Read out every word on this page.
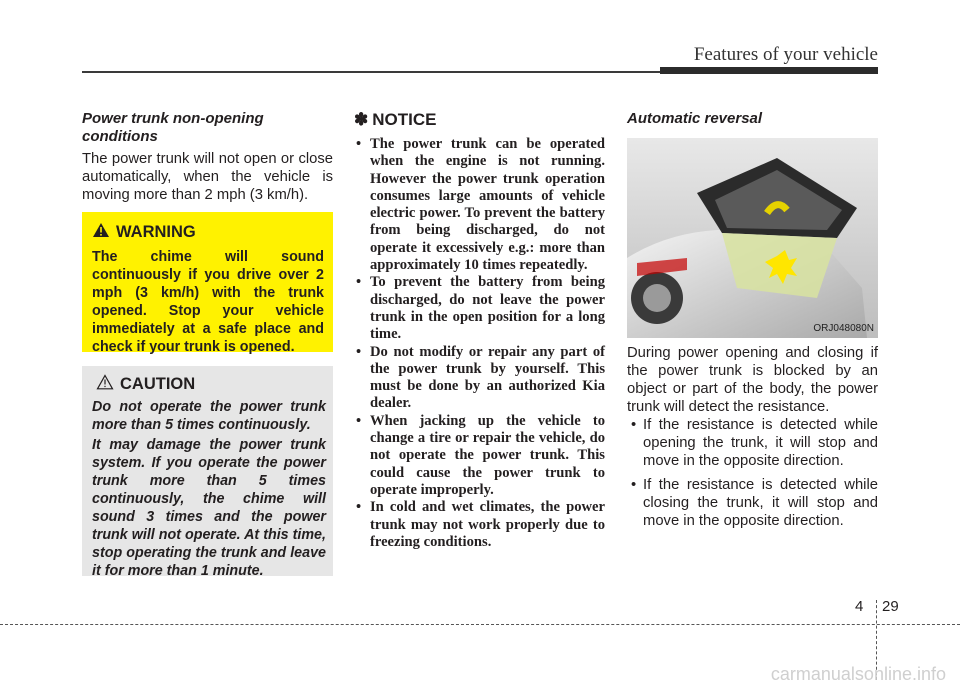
Features of your vehicle
Power trunk non-opening
conditions
The power trunk will not open or close automatically, when the vehicle is moving more than 2 mph (3 km/h).
WARNING
The chime will sound continuously if you drive over 2 mph (3 km/h) with the trunk opened. Stop your vehicle immediately at a safe place and check if your trunk is opened.
CAUTION
Do not operate the power trunk more than 5 times continuously.
It may damage the power trunk system. If you operate the power trunk more than 5 times continuously, the chime will sound 3 times and the power trunk will not operate. At this time, stop operating the trunk and leave it for more than 1 minute.
✽ NOTICE
• The power trunk can be operated when the engine is not running. However the power trunk operation consumes large amounts of vehicle electric power. To prevent the battery from being discharged, do not operate it excessively e.g.: more than approximately 10 times repeatedly.
• To prevent the battery from being discharged, do not leave the power trunk in the open position for a long time.
• Do not modify or repair any part of the power trunk by yourself. This must be done by an authorized Kia dealer.
• When jacking up the vehicle to change a tire or repair the vehicle, do not operate the power trunk. This could cause the power trunk to operate improperly.
• In cold and wet climates, the power trunk may not work properly due to freezing conditions.
Automatic reversal
ORJ048080N
During power opening and closing if the power trunk is blocked by an object or part of the body, the power trunk will detect the resistance.
• If the resistance is detected while opening the trunk, it will stop and move in the opposite direction.
• If the resistance is detected while closing the trunk, it will stop and move in the opposite direction.
4 29
carmanualsonline.info
